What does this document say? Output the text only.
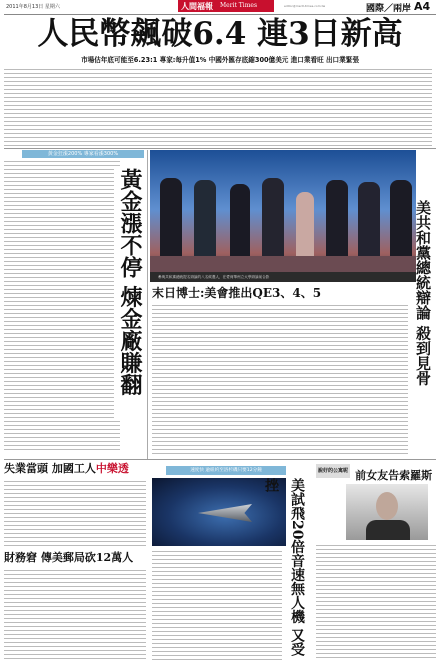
2011年8月13日 星期六	人間福報 Merit Times	editor@merit-times.com.tw	國際／兩岸 A4
人民幣飆破6.4 連3日新高
市場估年底可能至6.23:1 專家:每升值1% 中國外匯存底縮300億美元 進口業看旺 出口業緊張
黃金狂漲200% 專家看漲300%
黃金漲不停 煉金廠賺翻	參與共和黨總統提名辯論的八名候選人，在愛荷華州立大學辯論前合影	美共和黨總統辯論 殺到見骨
末日博士:美會推出QE3、4、5
失業當頭 加國工人中樂透
財務窘 傳美郵局砍12萬人
速度快 逾紐約至洛杉磯只要12分鐘
美試飛20倍音速無人機 又受挫
說好的公寓呢 前女友告索羅斯
